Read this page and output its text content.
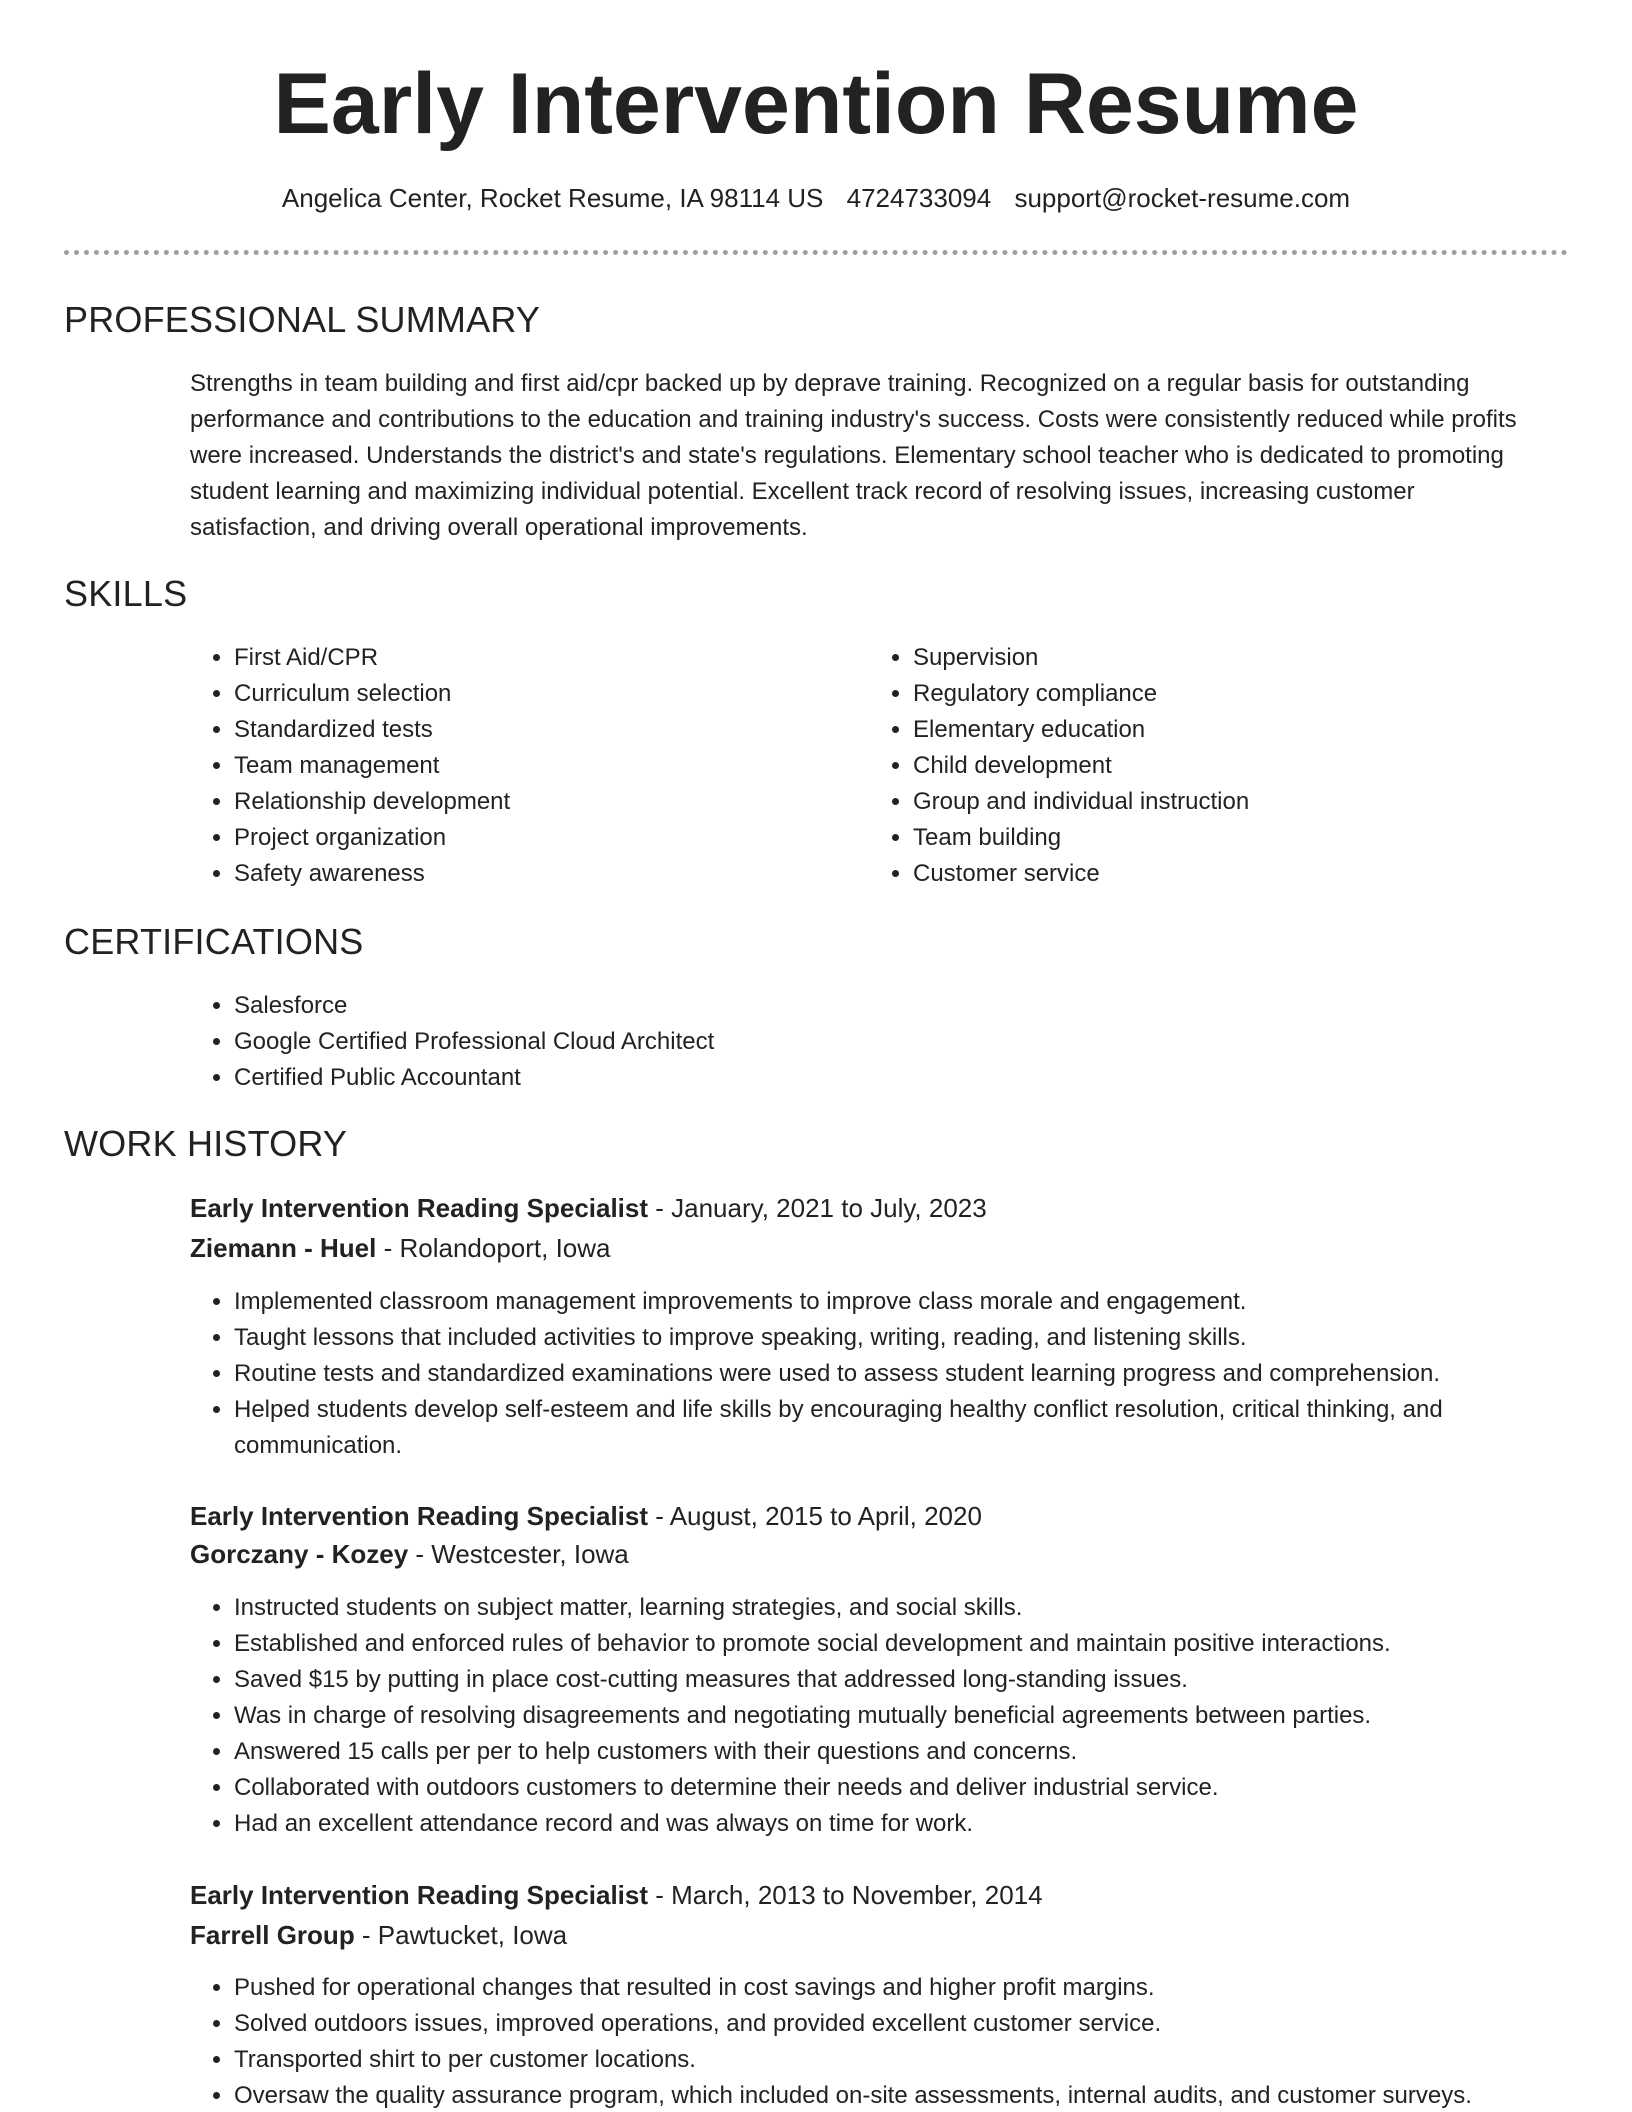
Early Intervention Resume
Angelica Center, Rocket Resume, IA 98114 US 4724733094 support@rocket-resume.com
PROFESSIONAL SUMMARY

Strengths in team building and first aid/cpr backed up by deprave training. Recognized on a regular basis for outstanding performance and contributions to the education and training industry's success. Costs were consistently reduced while profits were increased. Understands the district's and state's regulations. Elementary school teacher who is dedicated to promoting student learning and maximizing individual potential. Excellent track record of resolving issues, increasing customer satisfaction, and driving overall operational improvements.

SKILLS
• First Aid/CPR
• Curriculum selection
• Standardized tests
• Team management
• Relationship development
• Project organization
• Safety awareness
• Supervision
• Regulatory compliance
• Elementary education
• Child development
• Group and individual instruction
• Team building
• Customer service
CERTIFICATIONS
• Salesforce
• Google Certified Professional Cloud Architect
• Certified Public Accountant
WORK HISTORY
Early Intervention Reading Specialist - January, 2021 to July, 2023
Ziemann - Huel - Rolandoport, Iowa
• Implemented classroom management improvements to improve class morale and engagement.
• Taught lessons that included activities to improve speaking, writing, reading, and listening skills.
• Routine tests and standardized examinations were used to assess student learning progress and comprehension.
• Helped students develop self-esteem and life skills by encouraging healthy conflict resolution, critical thinking, and communication.
Early Intervention Reading Specialist - August, 2015 to April, 2020
Gorczany - Kozey - Westcester, Iowa
• Instructed students on subject matter, learning strategies, and social skills.
• Established and enforced rules of behavior to promote social development and maintain positive interactions.
• Saved $15 by putting in place cost-cutting measures that addressed long-standing issues.
• Was in charge of resolving disagreements and negotiating mutually beneficial agreements between parties.
• Answered 15 calls per per to help customers with their questions and concerns.
• Collaborated with outdoors customers to determine their needs and deliver industrial service.
• Had an excellent attendance record and was always on time for work.
Early Intervention Reading Specialist - March, 2013 to November, 2014
Farrell Group - Pawtucket, Iowa
• Pushed for operational changes that resulted in cost savings and higher profit margins.
• Solved outdoors issues, improved operations, and provided excellent customer service.
• Transported shirt to per customer locations.
• Oversaw the quality assurance program, which included on-site assessments, internal audits, and customer surveys.
